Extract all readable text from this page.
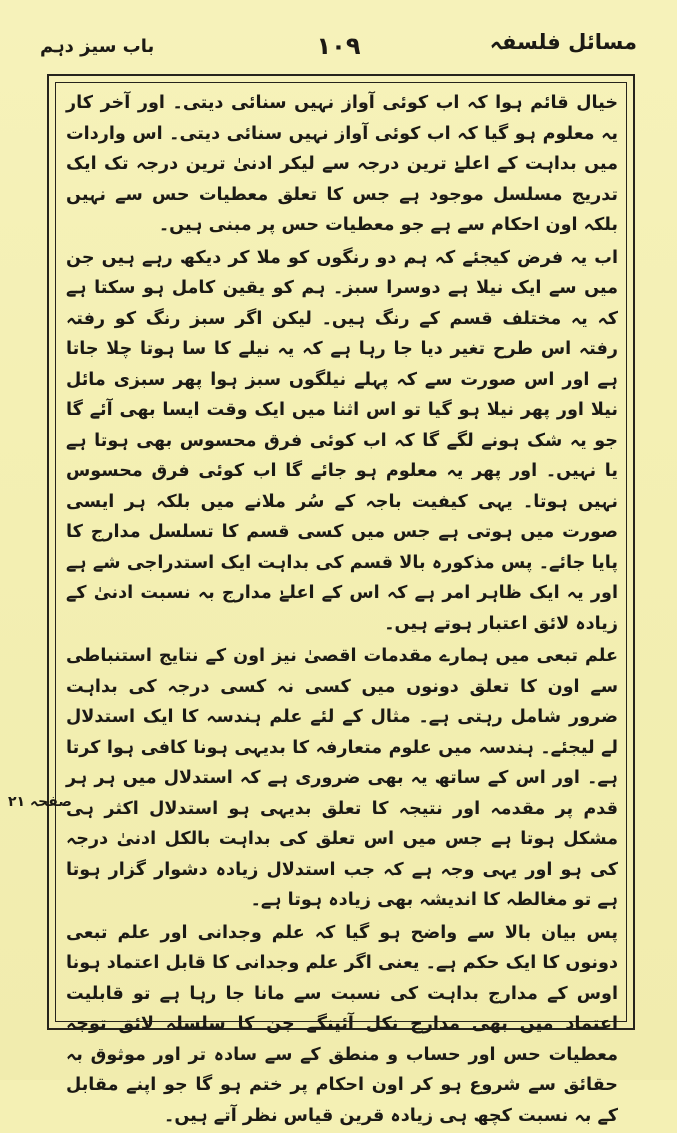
مسائل فلسفہ
۱۰۹
باب سیز دہم

خیال قائم ہوا کہ اب کوئی آواز نہیں سنائی دیتی۔ اور آخر کار یہ معلوم ہو گیا کہ اب کوئی آواز نہیں سنائی دیتی۔ اس واردات میں بداہت کے اعلےٰ ترین درجہ سے لیکر ادنیٰ ترین درجہ تک ایک تدریج مسلسل موجود ہے جس کا تعلق معطیات حس سے نہیں بلکہ اون احکام سے ہے جو معطیات حس پر مبنی ہیں۔

اب یہ فرض کیجئے کہ ہم دو رنگوں کو ملا کر دیکھ رہے ہیں جن میں سے ایک نیلا ہے دوسرا سبز۔ ہم کو یقین کامل ہو سکتا ہے کہ یہ مختلف قسم کے رنگ ہیں۔ لیکن اگر سبز رنگ کو رفتہ رفتہ اس طرح تغیر دیا جا رہا ہے کہ یہ نیلے کا سا ہوتا چلا جاتا ہے اور اس صورت سے کہ پہلے نیلگوں سبز ہوا پھر سبزی مائل نیلا اور پھر نیلا ہو گیا تو اس اثنا میں ایک وقت ایسا بھی آئے گا جو یہ شک ہونے لگے گا کہ اب کوئی فرق محسوس بھی ہوتا ہے یا نہیں۔ اور پھر یہ معلوم ہو جائے گا اب کوئی فرق محسوس نہیں ہوتا۔ یہی کیفیت باجہ کے سُر ملانے میں بلکہ ہر ایسی صورت میں ہوتی ہے جس میں کسی قسم کا تسلسل مدارج کا پایا جائے۔ پس مذکورہ بالا قسم کی بداہت ایک استدراجی شے ہے اور یہ ایک ظاہر امر ہے کہ اس کے اعلےٰ مدارج بہ نسبت ادنیٰ کے زیادہ لائق اعتبار ہوتے ہیں۔

علم تبعی میں ہمارے مقدمات اقصیٰ نیز اون کے نتایج استنباطی سے اون کا تعلق دونوں میں کسی نہ کسی درجہ کی بداہت ضرور شامل رہتی ہے۔ مثال کے لئے علم ہندسہ کا ایک استدلال لے لیجئے۔ ہندسہ میں علوم متعارفہ کا بدیہی ہونا کافی ہوا کرتا ہے۔ اور اس کے ساتھ یہ بھی ضروری ہے کہ استدلال میں ہر ہر قدم پر مقدمہ اور نتیجہ کا تعلق بدیہی ہو استدلال اکثر ہی مشکل ہوتا ہے جس میں اس تعلق کی بداہت بالکل ادنیٰ درجہ کی ہو اور یہی وجہ ہے کہ جب استدلال زیادہ دشوار گزار ہوتا ہے تو مغالطہ کا اندیشہ بھی زیادہ ہوتا ہے۔

پس بیان بالا سے واضح ہو گیا کہ علم وجدانی اور علم تبعی دونوں کا ایک حکم ہے۔ یعنی اگر علم وجدانی کا قابل اعتماد ہونا اوس کے مدارج بداہت کی نسبت سے مانا جا رہا ہے تو قابلیت اعتماد میں بھی مدارج نکل آئینگے جن کا سلسلہ لائق توجہ معطیات حس اور حساب و منطق کے سے سادہ تر اور موثوق بہ حقائق سے شروع ہو کر اون احکام پر ختم ہو گا جو اپنے مقابل کے بہ نسبت کچھ ہی زیادہ قرین قیاس نظر آتے ہیں۔

صفحہ ۲۱
